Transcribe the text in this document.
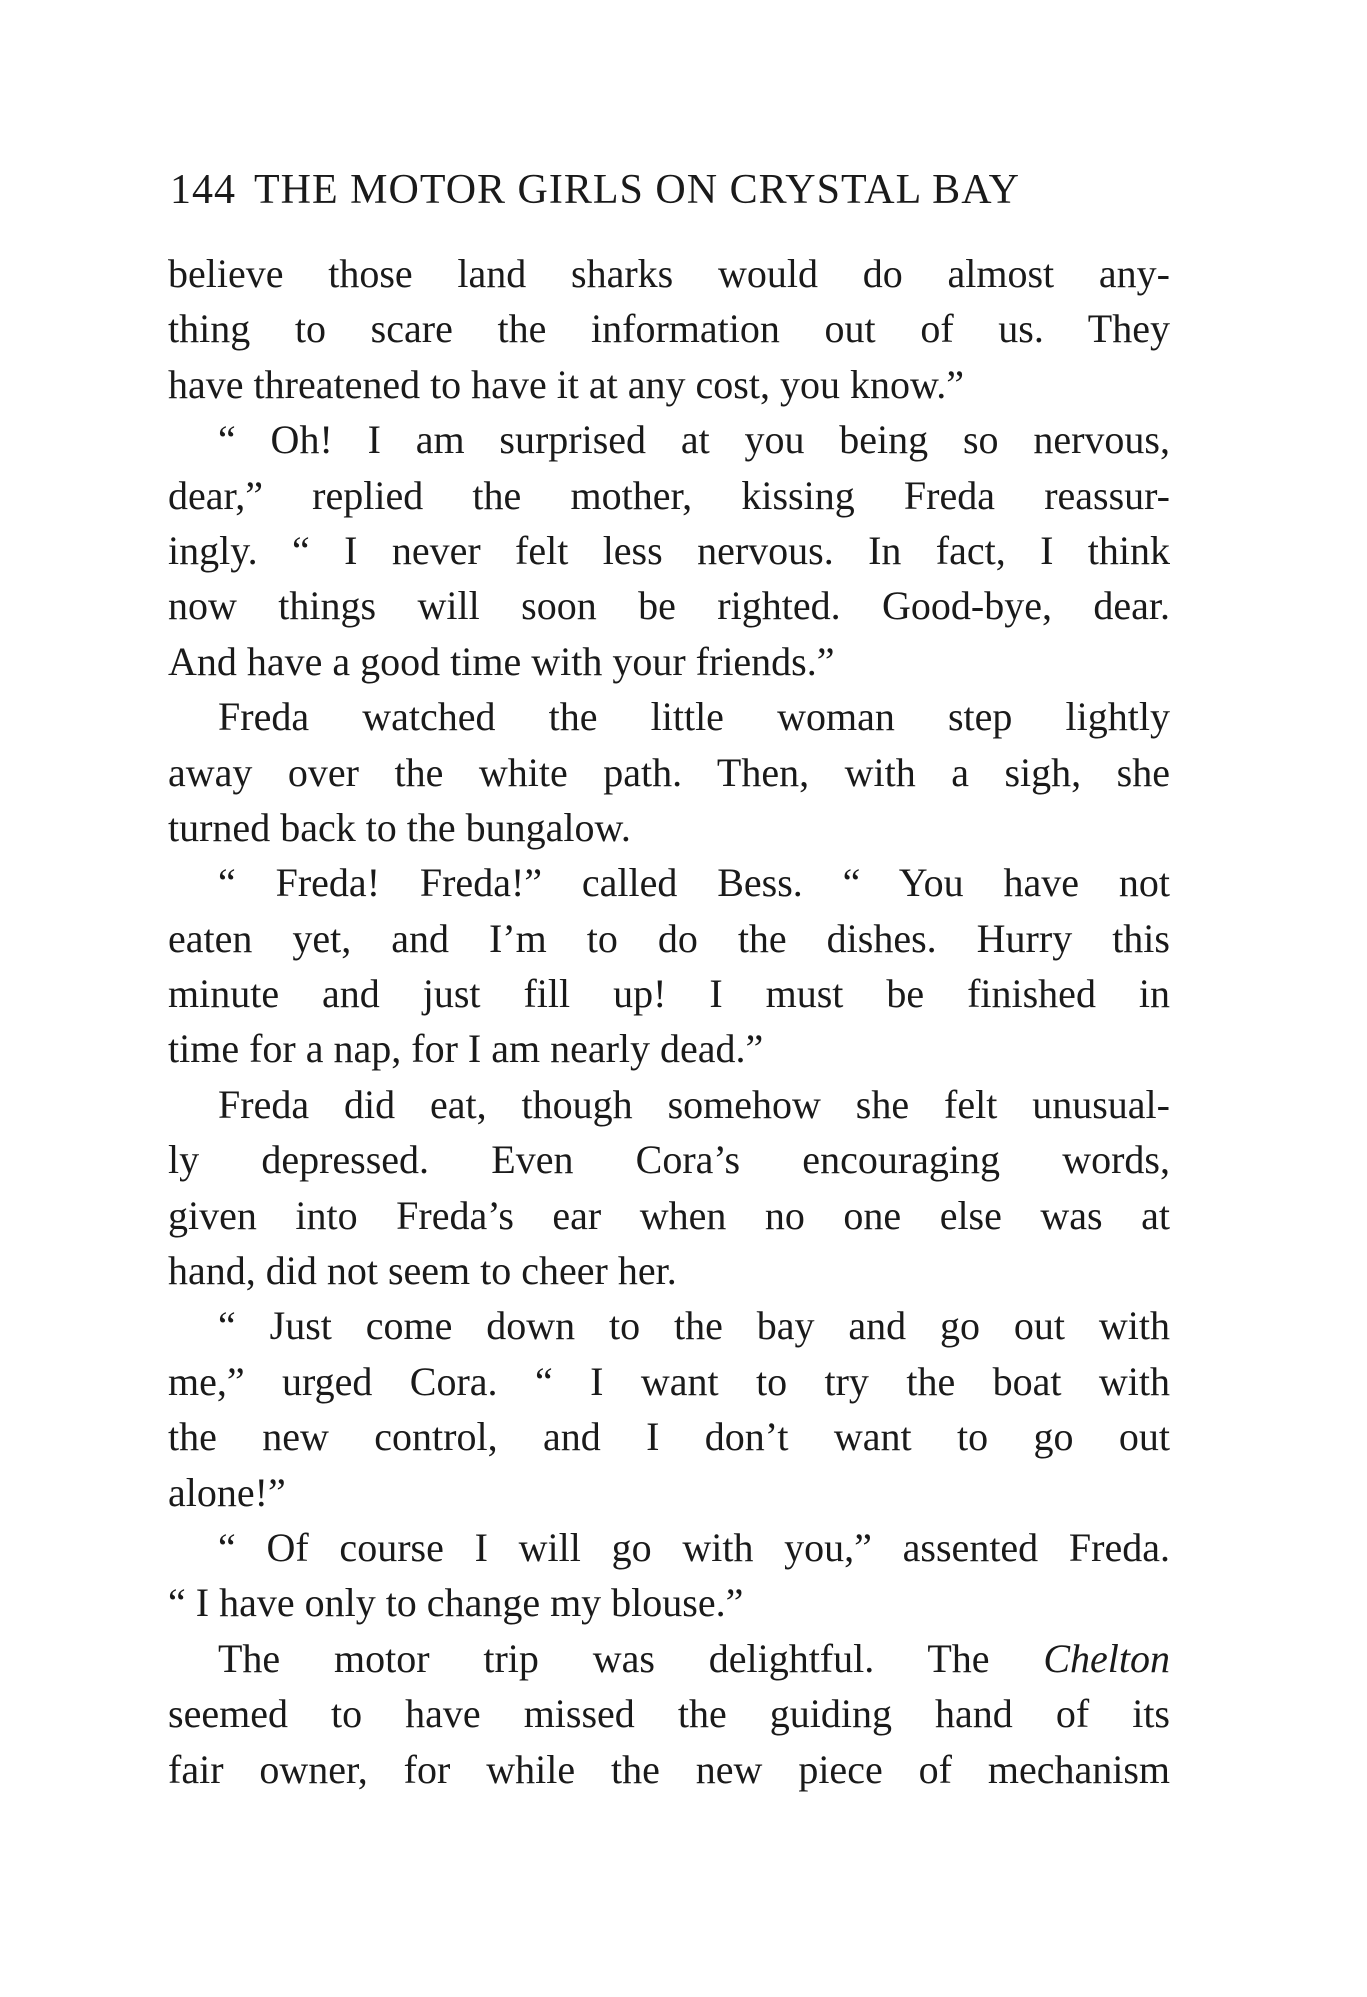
144 THE MOTOR GIRLS ON CRYSTAL BAY
believe those land sharks would do almost any-
thing to scare the information out of us. They
have threatened to have it at any cost, you know.”
“ Oh! I am surprised at you being so nervous,
dear,” replied the mother, kissing Freda reassur-
ingly. “ I never felt less nervous. In fact, I think
now things will soon be righted. Good-bye, dear.
And have a good time with your friends.”
Freda watched the little woman step lightly
away over the white path. Then, with a sigh, she
turned back to the bungalow.
“ Freda! Freda!” called Bess. “ You have not
eaten yet, and I’m to do the dishes. Hurry this
minute and just fill up! I must be finished in
time for a nap, for I am nearly dead.”
Freda did eat, though somehow she felt unusual-
ly depressed. Even Cora’s encouraging words,
given into Freda’s ear when no one else was at
hand, did not seem to cheer her.
“ Just come down to the bay and go out with
me,” urged Cora. “ I want to try the boat with
the new control, and I don’t want to go out
alone!”
“ Of course I will go with you,” assented Freda.
“ I have only to change my blouse.”
The motor trip was delightful. The Chelton
seemed to have missed the guiding hand of its
fair owner, for while the new piece of mechanism
